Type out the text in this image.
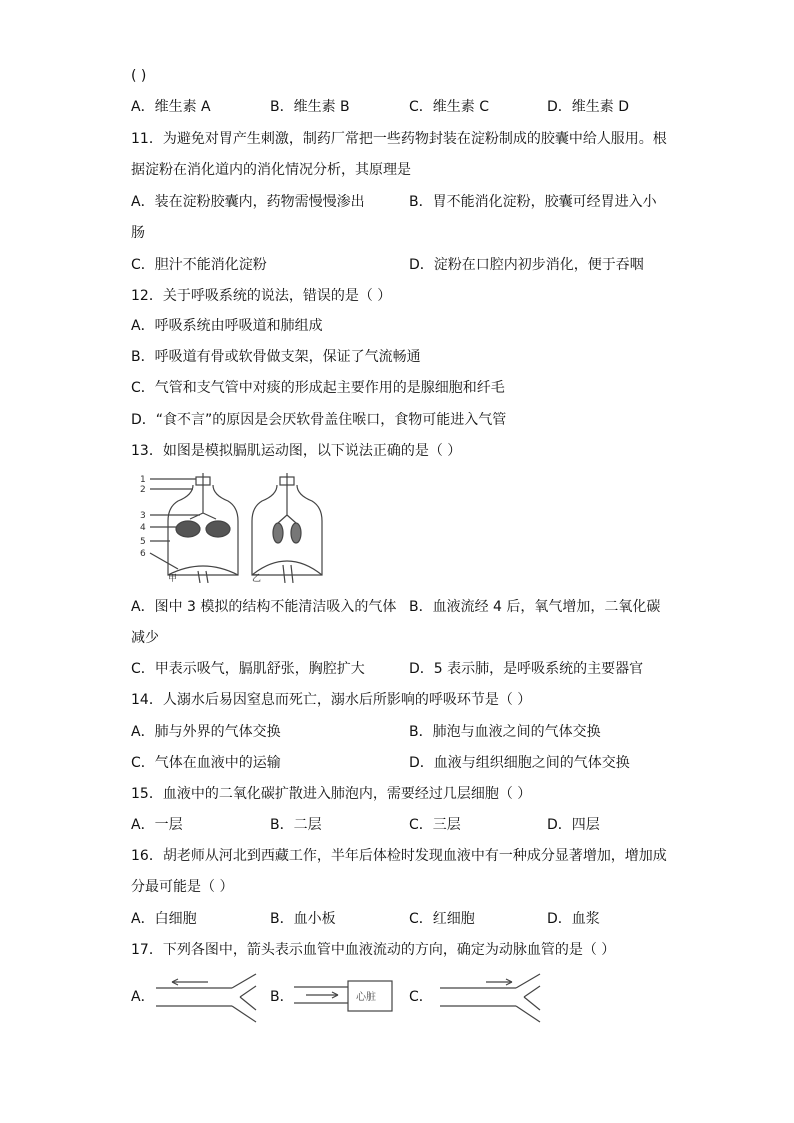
( )
A．维生素 A	B．维生素 B	C．维生素 C	D．维生素 D
11．为避免对胃产生刺激，制药厂常把一些药物封装在淀粉制成的胶囊中给人服用。根
据淀粉在消化道内的消化情况分析，其原理是
A．装在淀粉胶囊内，药物需慢慢渗出	B．胃不能消化淀粉，胶囊可经胃进入小
肠
C．胆汁不能消化淀粉	D．淀粉在口腔内初步消化，便于吞咽
12．关于呼吸系统的说法，错误的是（ ）
A．呼吸系统由呼吸道和肺组成
B．呼吸道有骨或软骨做支架，保证了气流畅通
C．气管和支气管中对痰的形成起主要作用的是腺细胞和纤毛
D．“食不言”的原因是会厌软骨盖住喉口，食物可能进入气管
13．如图是模拟膈肌运动图，以下说法正确的是（ ）
1
2
3
4
5
6
甲	乙
A．图中 3 模拟的结构不能清洁吸入的气体 B．血液流经 4 后，氧气增加，二氧化碳
减少
C．甲表示吸气，膈肌舒张，胸腔扩大	D．5 表示肺，是呼吸系统的主要器官
14．人溺水后易因窒息而死亡，溺水后所影响的呼吸环节是（ ）
A．肺与外界的气体交换	B．肺泡与血液之间的气体交换
C．气体在血液中的运输	D．血液与组织细胞之间的气体交换
15．血液中的二氧化碳扩散进入肺泡内，需要经过几层细胞（ ）
A．一层	B．二层	C．三层	D．四层
16．胡老师从河北到西藏工作，半年后体检时发现血液中有一种成分显著增加，增加成
分最可能是（ ）
A．白细胞	B．血小板	C．红细胞	D．血浆
17．下列各图中，箭头表示血管中血液流动的方向，确定为动脉血管的是（ ）
A．	B．	心脏 C．
